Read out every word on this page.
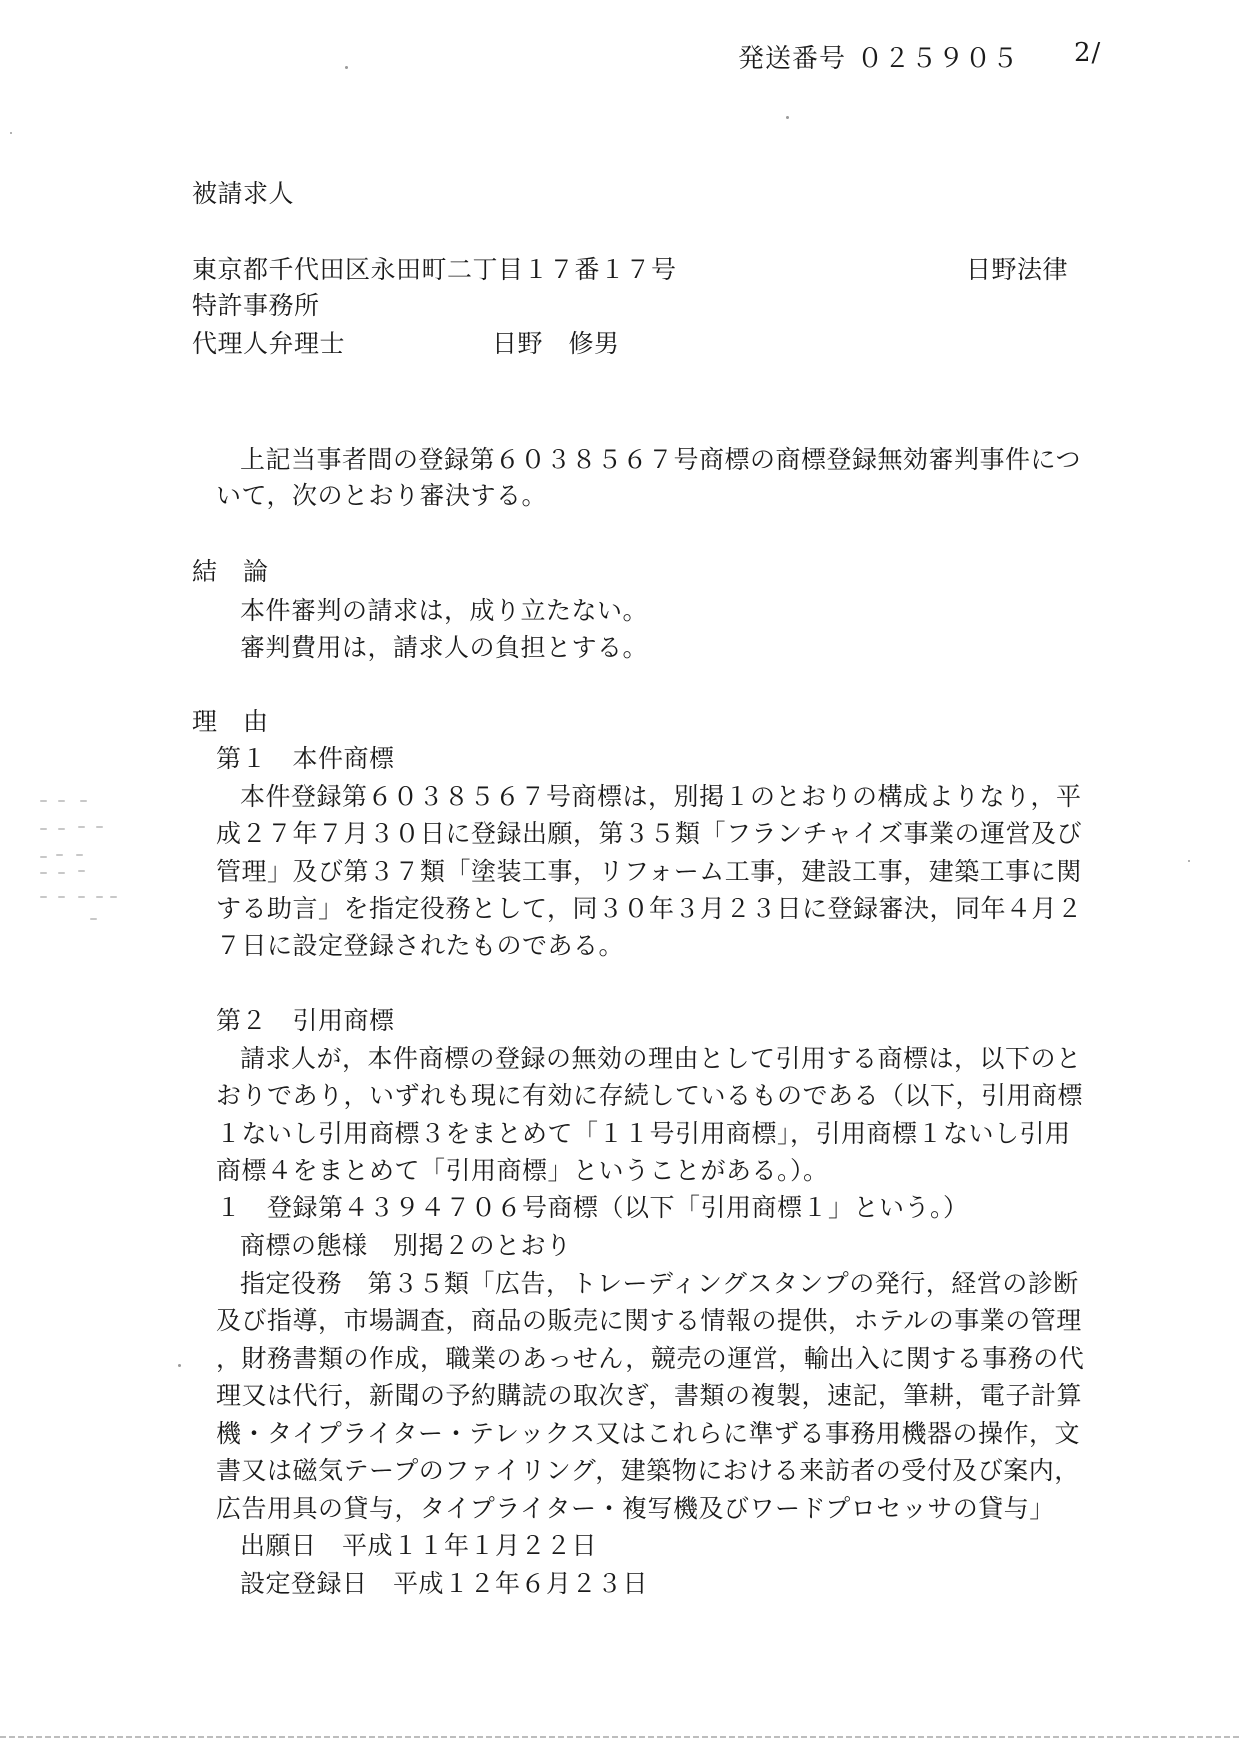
発送番号 ０２５９０５ 2/
被請求人
東京都千代田区永田町二丁目１７番１７号	日野法律
特許事務所
代理人弁理士	日野　修男
上記当事者間の登録第６０３８５６７号商標の商標登録無効審判事件につ
いて，次のとおり審決する。
結　論
本件審判の請求は，成り立たない。
審判費用は，請求人の負担とする。
理　由
第１　本件商標
本件登録第６０３８５６７号商標は，別掲１のとおりの構成よりなり，平
成２７年７月３０日に登録出願，第３５類「フランチャイズ事業の運営及び
管理」及び第３７類「塗装工事，リフォーム工事，建設工事，建築工事に関
する助言」を指定役務として，同３０年３月２３日に登録審決，同年４月２
７日に設定登録されたものである。
第２　引用商標
請求人が，本件商標の登録の無効の理由として引用する商標は，以下のと
おりであり，いずれも現に有効に存続しているものである（以下，引用商標
１ないし引用商標３をまとめて「１１号引用商標」，引用商標１ないし引用
商標４をまとめて「引用商標」ということがある。）。
１　登録第４３９４７０６号商標（以下「引用商標１」という。）
商標の態様　別掲２のとおり
指定役務　第３５類「広告，トレーディングスタンプの発行，経営の診断
及び指導，市場調査，商品の販売に関する情報の提供，ホテルの事業の管理
，財務書類の作成，職業のあっせん，競売の運営，輸出入に関する事務の代
理又は代行，新聞の予約購読の取次ぎ，書類の複製，速記，筆耕，電子計算
機・タイプライター・テレックス又はこれらに準ずる事務用機器の操作，文
書又は磁気テープのファイリング，建築物における来訪者の受付及び案内，
広告用具の貸与，タイプライター・複写機及びワードプロセッサの貸与」
出願日　平成１１年１月２２日
設定登録日　平成１２年６月２３日
